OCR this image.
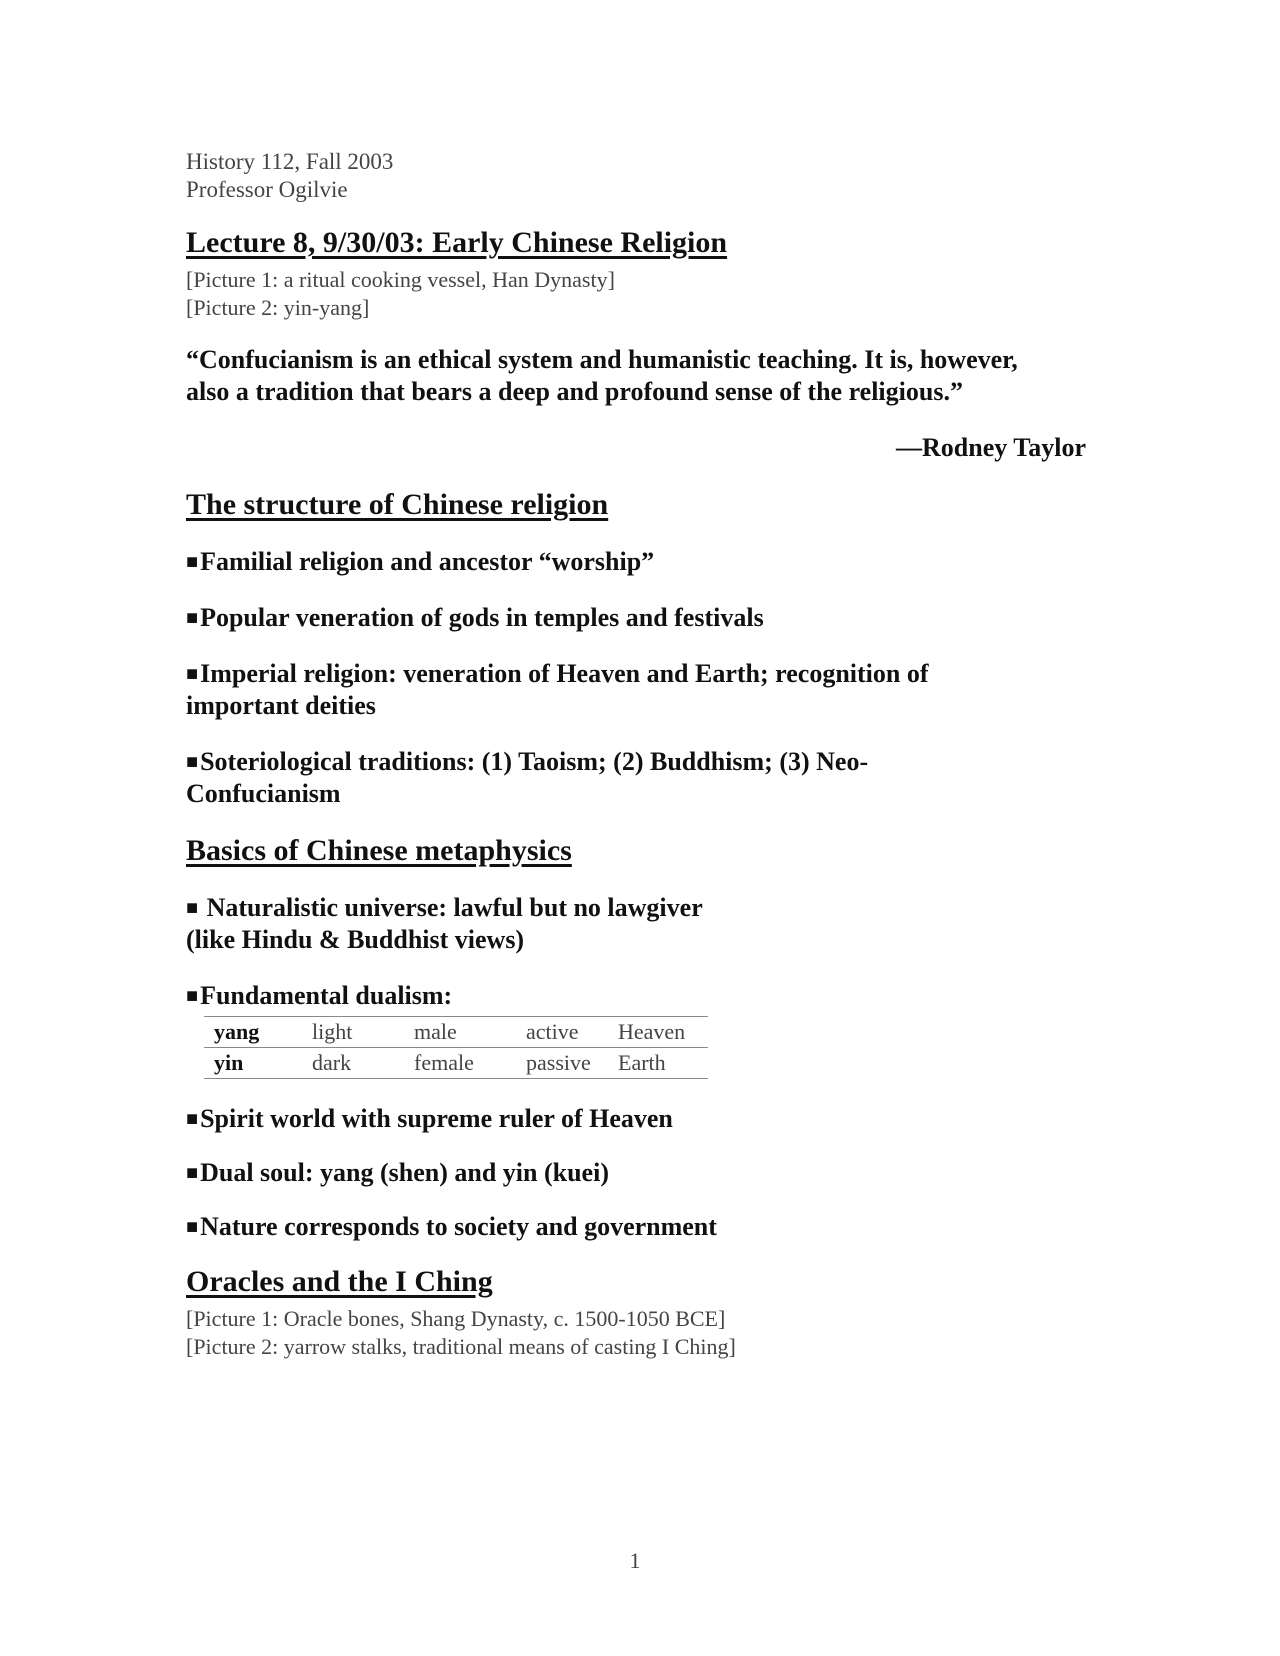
History 112, Fall 2003
Professor Ogilvie
Lecture 8, 9/30/03: Early Chinese Religion
[Picture 1: a ritual cooking vessel, Han Dynasty]
[Picture 2: yin-yang]
“Confucianism is an ethical system and humanistic teaching. It is, however, also a tradition that bears a deep and profound sense of the religious.”
—Rodney Taylor
The structure of Chinese religion
■ Familial religion and ancestor “worship”
■ Popular veneration of gods in temples and festivals
■ Imperial religion: veneration of Heaven and Earth; recognition of important deities
■ Soteriological traditions: (1) Taoism; (2) Buddhism; (3) Neo-Confucianism
Basics of Chinese metaphysics
■ Naturalistic universe: lawful but no lawgiver
(like Hindu & Buddhist views)
■ Fundamental dualism:
yang	light	male	active	Heaven
yin	dark	female	passive	Earth
■ Spirit world with supreme ruler of Heaven
■ Dual soul: yang (shen) and yin (kuei)
■ Nature corresponds to society and government
Oracles and the I Ching
[Picture 1: Oracle bones, Shang Dynasty, c. 1500-1050 BCE]
[Picture 2: yarrow stalks, traditional means of casting I Ching]
1
